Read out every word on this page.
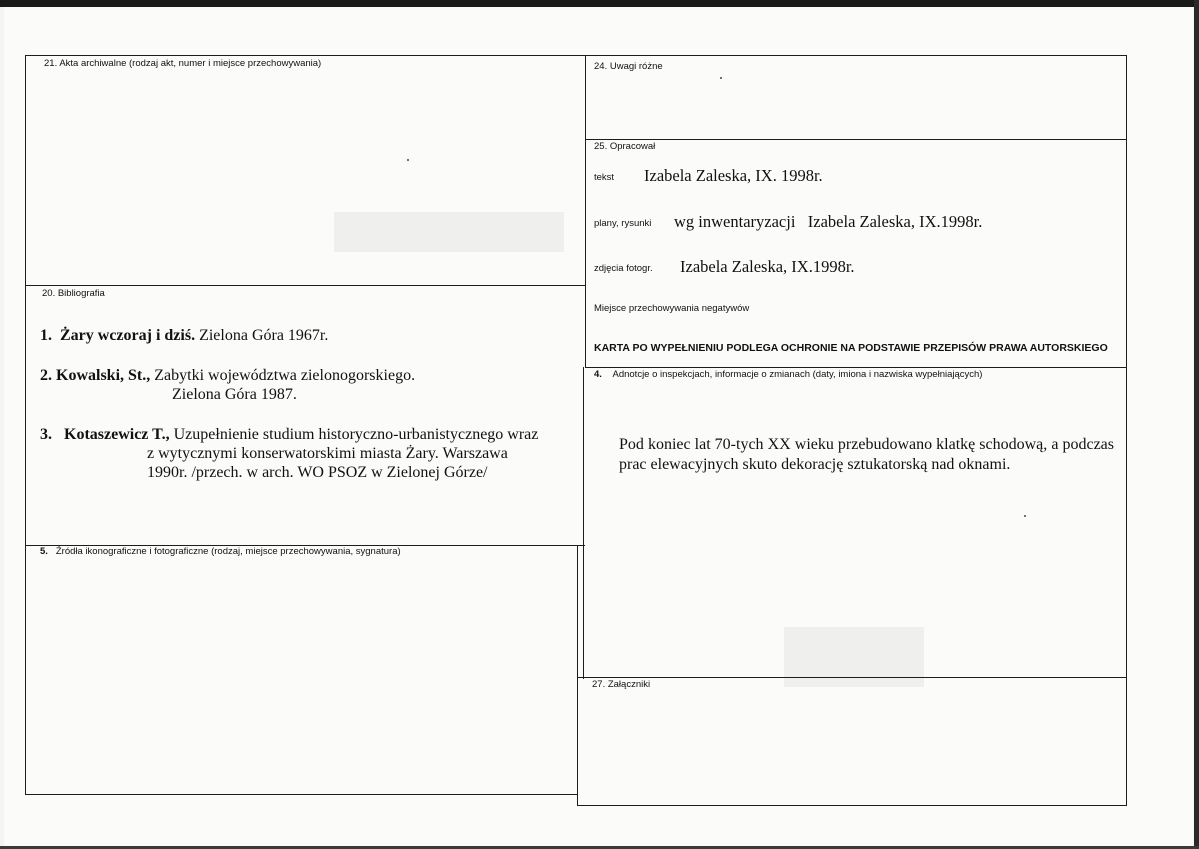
21. Akta archiwalne (rodzaj akt, numer i miejsce przechowywania)	24. Uwagi różne
25. Opracował
tekst Izabela Zaleska, IX. 1998r.
plany, rysunki wg inwentaryzacji   Izabela Zaleska, IX.1998r.
zdjęcia fotogr. Izabela Zaleska, IX.1998r.
Miejsce przechowywania negatywów
KARTA PO WYPEŁNIENIU PODLEGA OCHRONIE NA PODSTAWIE PRZEPISÓW PRAWA AUTORSKIEGO
20. Bibliografia
1. Żary wczoraj i dziś. Zielona Góra 1967r.
2. Kowalski, St., Zabytki województwa zielonogorskiego.
Zielona Góra 1987.
3. Kotaszewicz T., Uzupełnienie studium historyczno-urbanistycznego wraz
z wytycznymi konserwatorskimi miasta Żary. Warszawa
1990r. /przech. w arch. WO PSOZ w Zielonej Górze/
5. Źródła ikonograficzne i fotograficzne (rodzaj, miejsce przechowywania, sygnatura)
4. Adnotcje o inspekcjach, informacje o zmianach (daty, imiona i nazwiska wypełniających)
Pod koniec lat 70-tych XX wieku przebudowano klatkę schodową, a podczas prac elewacyjnych skuto dekorację sztukatorską nad oknami.
27. Załączniki
